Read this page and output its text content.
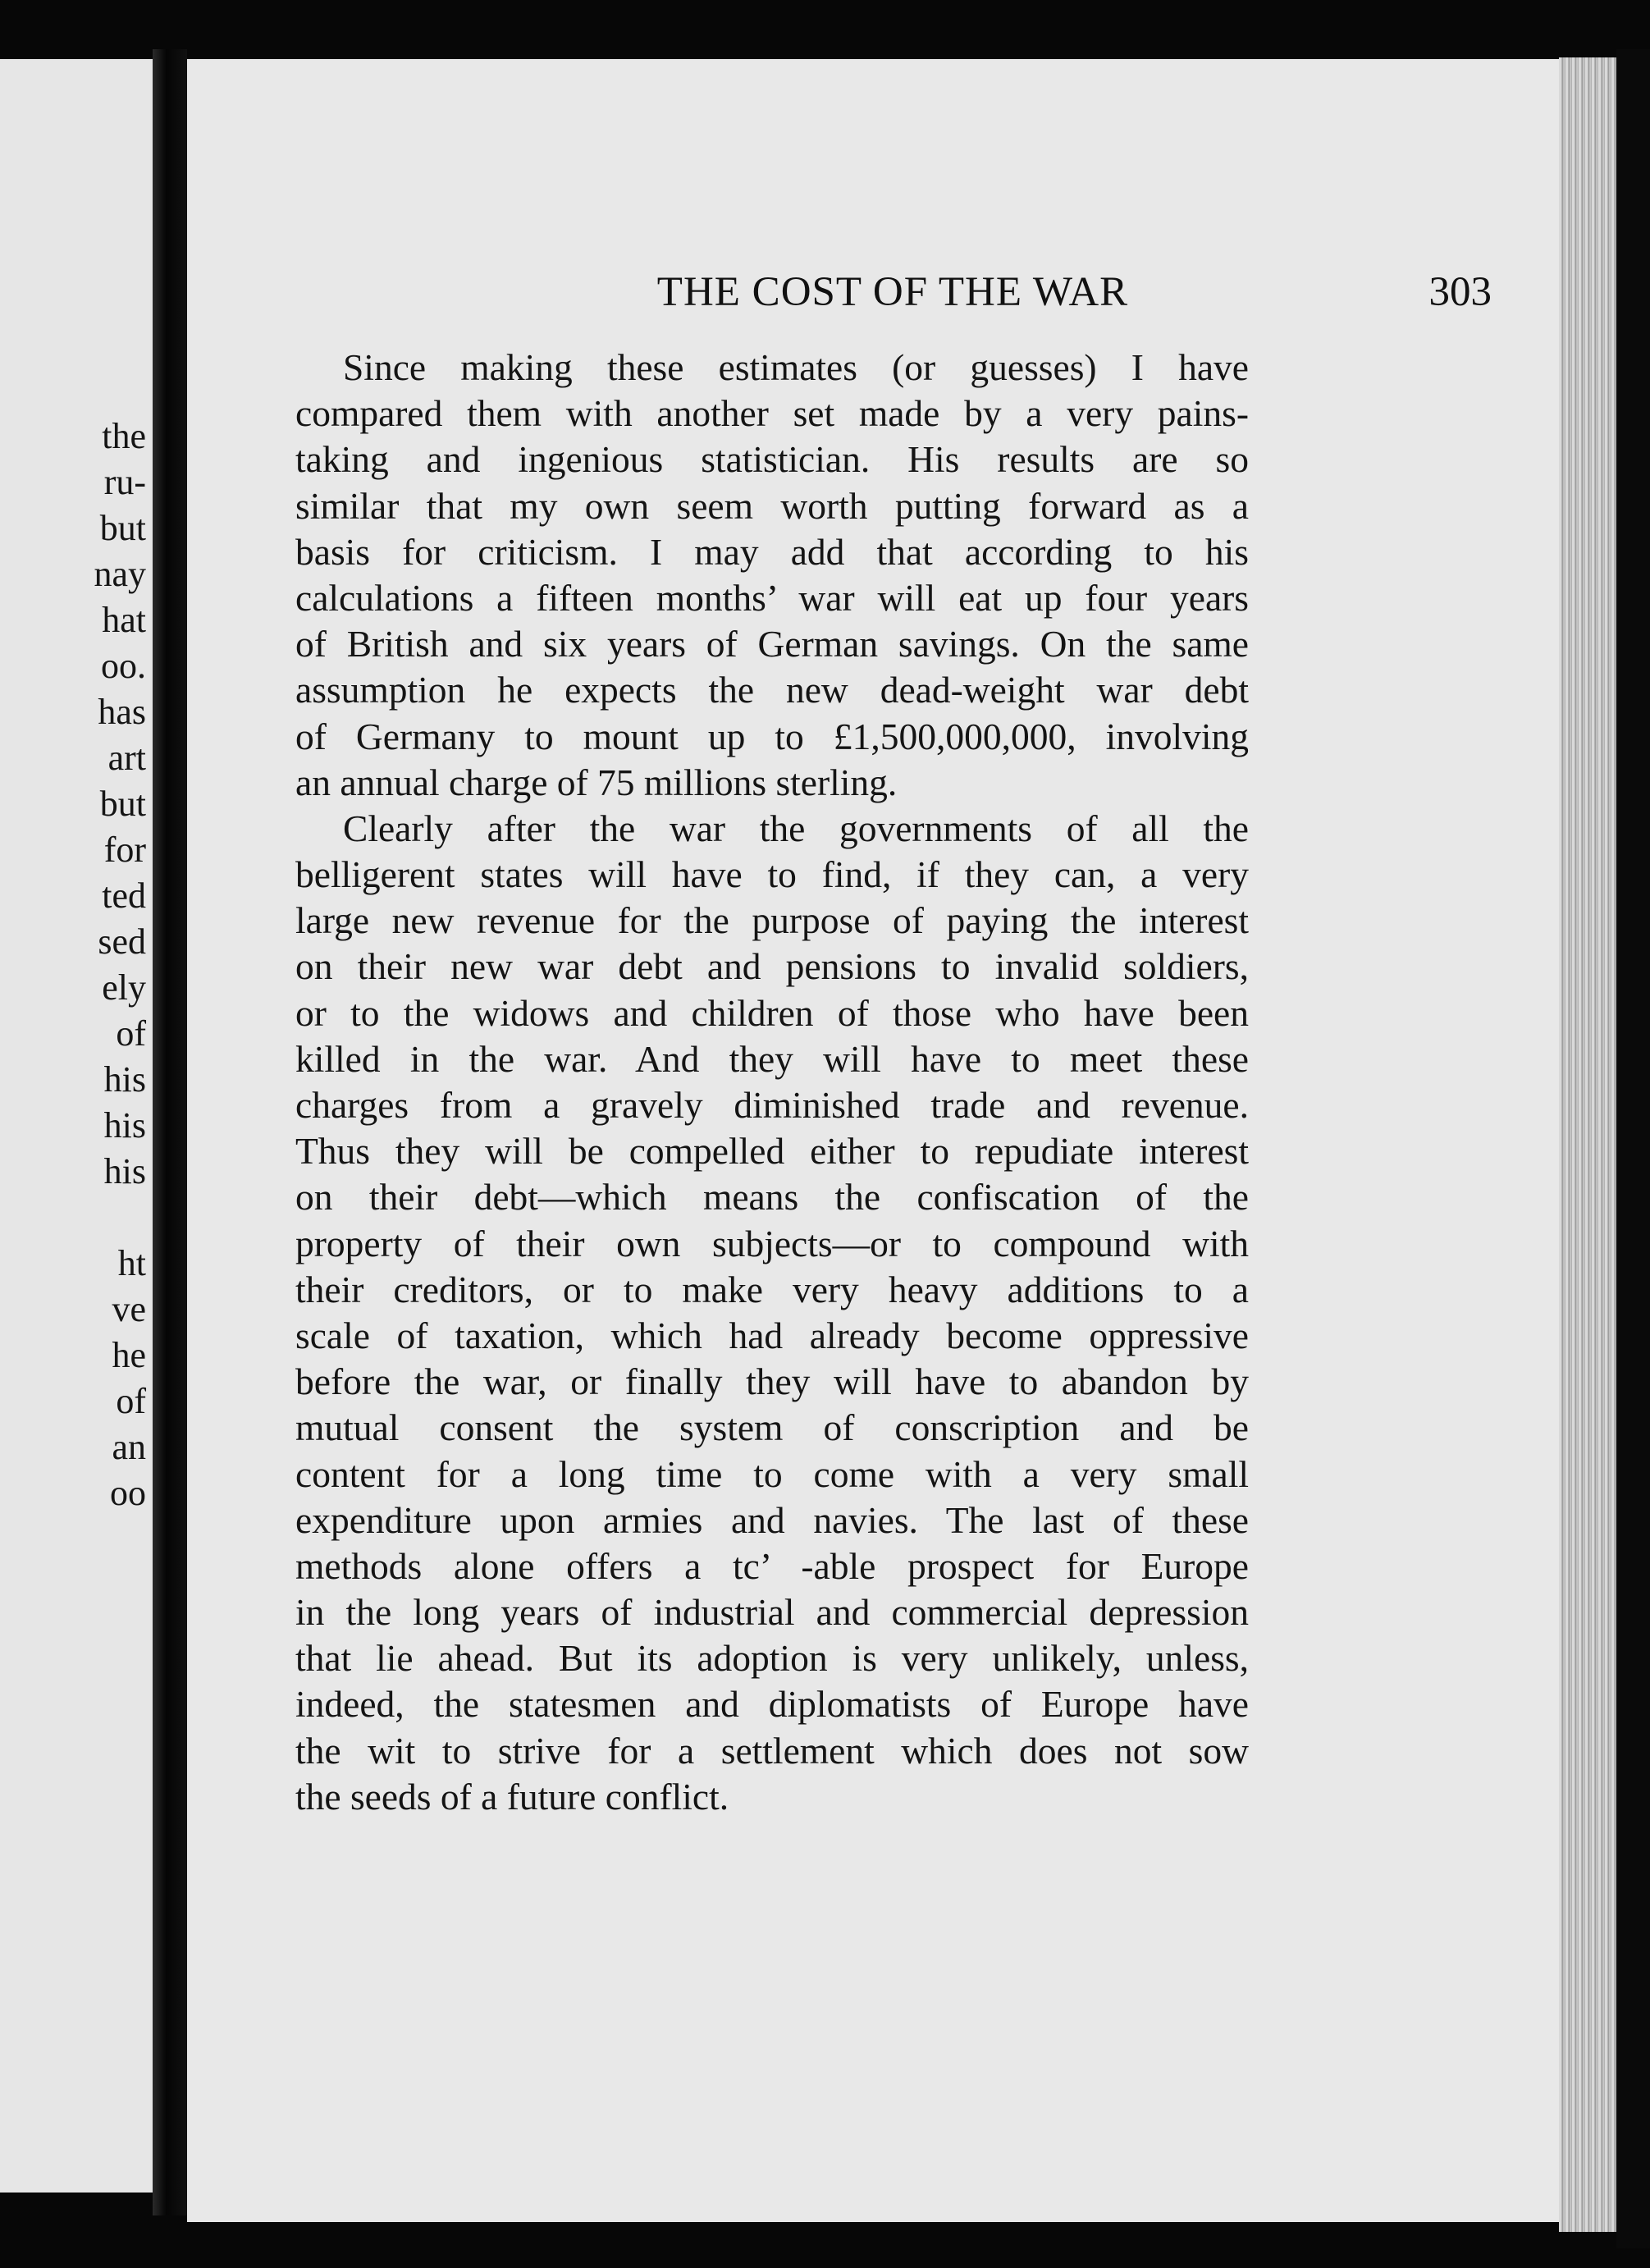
the
ru-
but
nay
hat
oo.
has
art
but
for
ted
sed
ely
of
his
his
his
ht
ve
he
of
an
oo
THE COST OF THE WAR	303
Since making these estimates (or guesses) I have
compared them with another set made by a very pains-
taking and ingenious statistician. His results are so
similar that my own seem worth putting forward as a
basis for criticism. I may add that according to his
calculations a fifteen months’ war will eat up four years
of British and six years of German savings. On the same
assumption he expects the new dead-weight war debt
of Germany to mount up to £1,500,000,000, involving
an annual charge of 75 millions sterling.
Clearly after the war the governments of all the
belligerent states will have to find, if they can, a very
large new revenue for the purpose of paying the interest
on their new war debt and pensions to invalid soldiers,
or to the widows and children of those who have been
killed in the war. And they will have to meet these
charges from a gravely diminished trade and revenue.
Thus they will be compelled either to repudiate interest
on their debt—which means the confiscation of the
property of their own subjects—or to compound with
their creditors, or to make very heavy additions to a
scale of taxation, which had already become oppressive
before the war, or finally they will have to abandon by
mutual consent the system of conscription and be
content for a long time to come with a very small
expenditure upon armies and navies. The last of these
methods alone offers a tc’ ‑able prospect for Europe
in the long years of industrial and commercial depression
that lie ahead. But its adoption is very unlikely, unless,
indeed, the statesmen and diplomatists of Europe have
the wit to strive for a settlement which does not sow
the seeds of a future conflict.
